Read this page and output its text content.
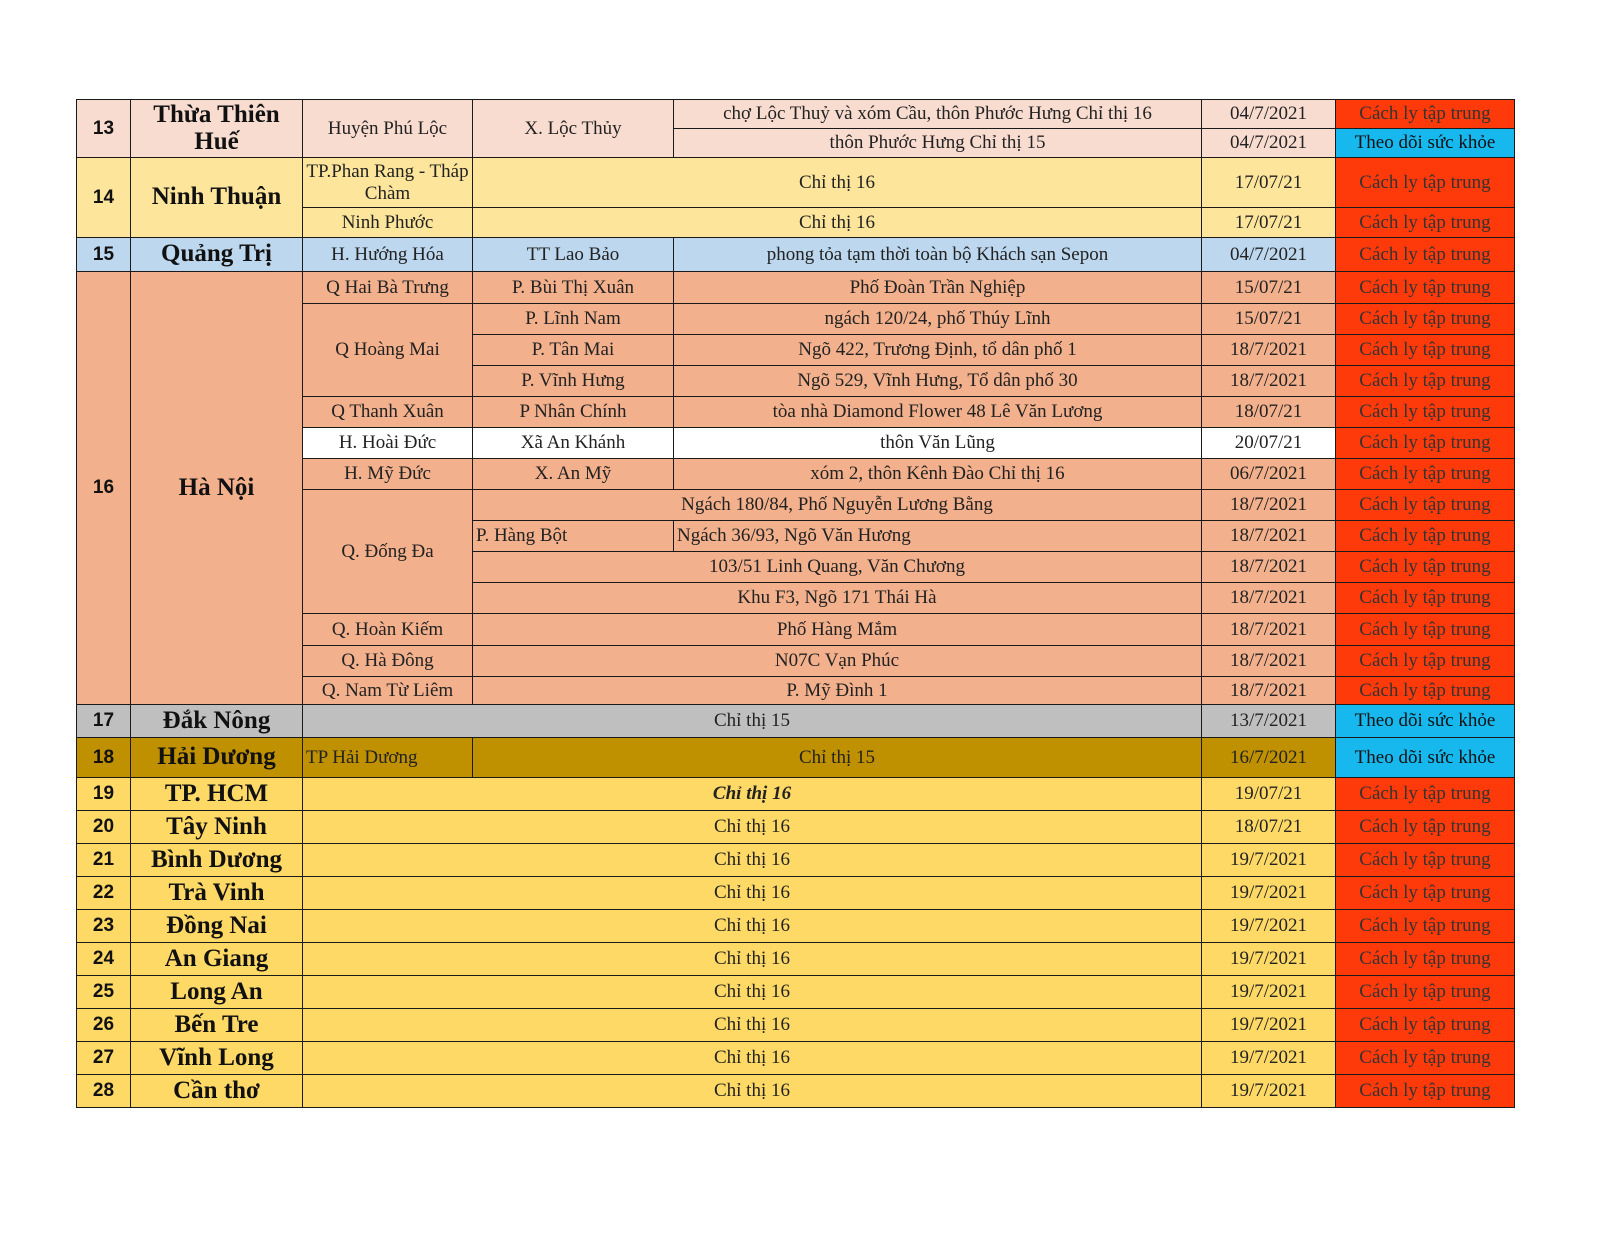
13	Thừa Thiên Huế	Huyện Phú Lộc	X. Lộc Thủy	chợ Lộc Thuỷ và xóm Cầu, thôn Phước Hưng Chỉ thị 16	04/7/2021	Cách ly tập trung
				thôn Phước Hưng Chỉ thị 15	04/7/2021	Theo dõi sức khỏe
14	Ninh Thuận	TP.Phan Rang - Tháp Chàm	Chỉ thị 16		17/07/21	Cách ly tập trung
		Ninh Phước	Chỉ thị 16		17/07/21	Cách ly tập trung
15	Quảng Trị	H. Hướng Hóa	TT Lao Bảo	phong tỏa tạm thời toàn bộ Khách sạn Sepon	04/7/2021	Cách ly tập trung
16	Hà Nội	Q Hai Bà Trưng	P. Bùi Thị Xuân	Phố Đoàn Trần Nghiệp	15/07/21	Cách ly tập trung
		Q Hoàng Mai	P. Lĩnh Nam	ngách 120/24, phố Thúy Lĩnh	15/07/21	Cách ly tập trung
			P. Tân Mai	Ngõ 422, Trương Định, tổ dân phố 1	18/7/2021	Cách ly tập trung
			P. Vĩnh Hưng	Ngõ 529, Vĩnh Hưng, Tổ dân phố 30	18/7/2021	Cách ly tập trung
		Q Thanh Xuân	P Nhân Chính	tòa nhà Diamond Flower 48 Lê Văn Lương	18/07/21	Cách ly tập trung
		H. Hoài Đức	Xã An Khánh	thôn Văn Lũng	20/07/21	Cách ly tập trung
		H. Mỹ Đức	X. An Mỹ	xóm 2, thôn Kênh Đào Chỉ thị 16	06/7/2021	Cách ly tập trung
		Q. Đống Đa	Ngách 180/84, Phố Nguyễn Lương Bằng		18/7/2021	Cách ly tập trung
			P. Hàng Bột	Ngách 36/93, Ngõ Văn Hương	18/7/2021	Cách ly tập trung
			103/51 Linh Quang, Văn Chương		18/7/2021	Cách ly tập trung
			Khu F3, Ngõ 171 Thái Hà		18/7/2021	Cách ly tập trung
		Q. Hoàn Kiếm	Phố Hàng Mắm		18/7/2021	Cách ly tập trung
		Q. Hà Đông	N07C Vạn Phúc		18/7/2021	Cách ly tập trung
		Q. Nam Từ Liêm	P. Mỹ Đình 1		18/7/2021	Cách ly tập trung
17	Đắk Nông	Chỉ thị 15			13/7/2021	Theo dõi sức khỏe
18	Hải Dương	TP Hải Dương	Chỉ thị 15		16/7/2021	Theo dõi sức khỏe
19	TP. HCM	Chỉ thị 16			19/07/21	Cách ly tập trung
20	Tây Ninh	Chỉ thị 16			18/07/21	Cách ly tập trung
21	Bình Dương	Chỉ thị 16			19/7/2021	Cách ly tập trung
22	Trà Vinh	Chỉ thị 16			19/7/2021	Cách ly tập trung
23	Đồng Nai	Chỉ thị 16			19/7/2021	Cách ly tập trung
24	An Giang	Chỉ thị 16			19/7/2021	Cách ly tập trung
25	Long An	Chỉ thị 16			19/7/2021	Cách ly tập trung
26	Bến Tre	Chỉ thị 16			19/7/2021	Cách ly tập trung
27	Vĩnh Long	Chỉ thị 16			19/7/2021	Cách ly tập trung
28	Cần thơ	Chỉ thị 16			19/7/2021	Cách ly tập trung
